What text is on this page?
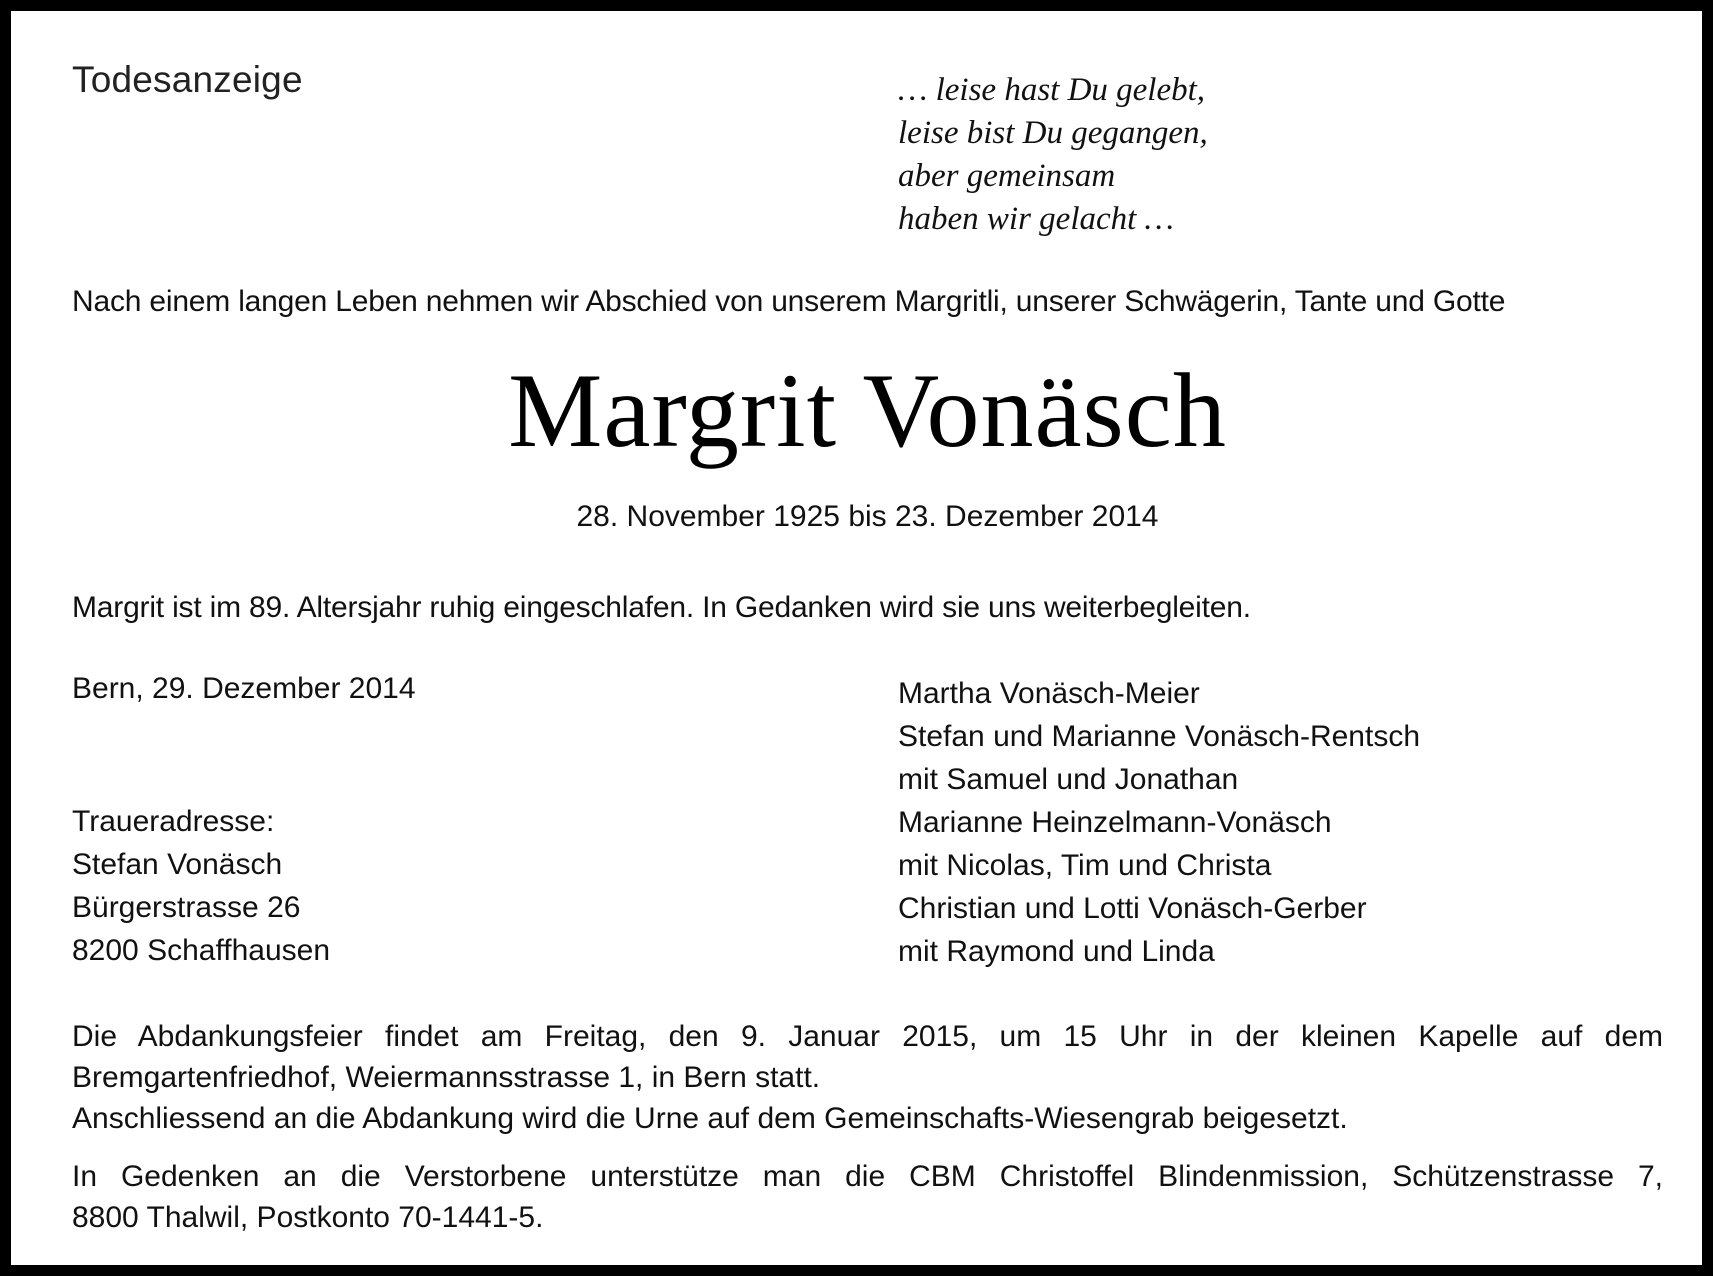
Todesanzeige	… leise hast Du gelebt,
leise bist Du gegangen,
aber gemeinsam
haben wir gelacht …

Nach einem langen Leben nehmen wir Abschied von unserem Margritli, unserer Schwägerin, Tante und Gotte

Margrit Vonäsch

28. November 1925 bis 23. Dezember 2014

Margrit ist im 89. Altersjahr ruhig eingeschlafen. In Gedanken wird sie uns weiterbegleiten.

Bern, 29. Dezember 2014

Traueradresse:
Stefan Vonäsch
Bürgerstrasse 26
8200 Schaffhausen
Martha Vonäsch-Meier
Stefan und Marianne Vonäsch-Rentsch
mit Samuel und Jonathan
Marianne Heinzelmann-Vonäsch
mit Nicolas, Tim und Christa
Christian und Lotti Vonäsch-Gerber
mit Raymond und Linda
Die Abdankungsfeier findet am Freitag, den 9. Januar 2015, um 15 Uhr in der kleinen Kapelle auf dem
Bremgartenfriedhof, Weiermannsstrasse 1, in Bern statt.
Anschliessend an die Abdankung wird die Urne auf dem Gemeinschafts-Wiesengrab beigesetzt.
In Gedenken an die Verstorbene unterstütze man die CBM Christoffel Blindenmission, Schützenstrasse 7,
8800 Thalwil, Postkonto 70-1441-5.
